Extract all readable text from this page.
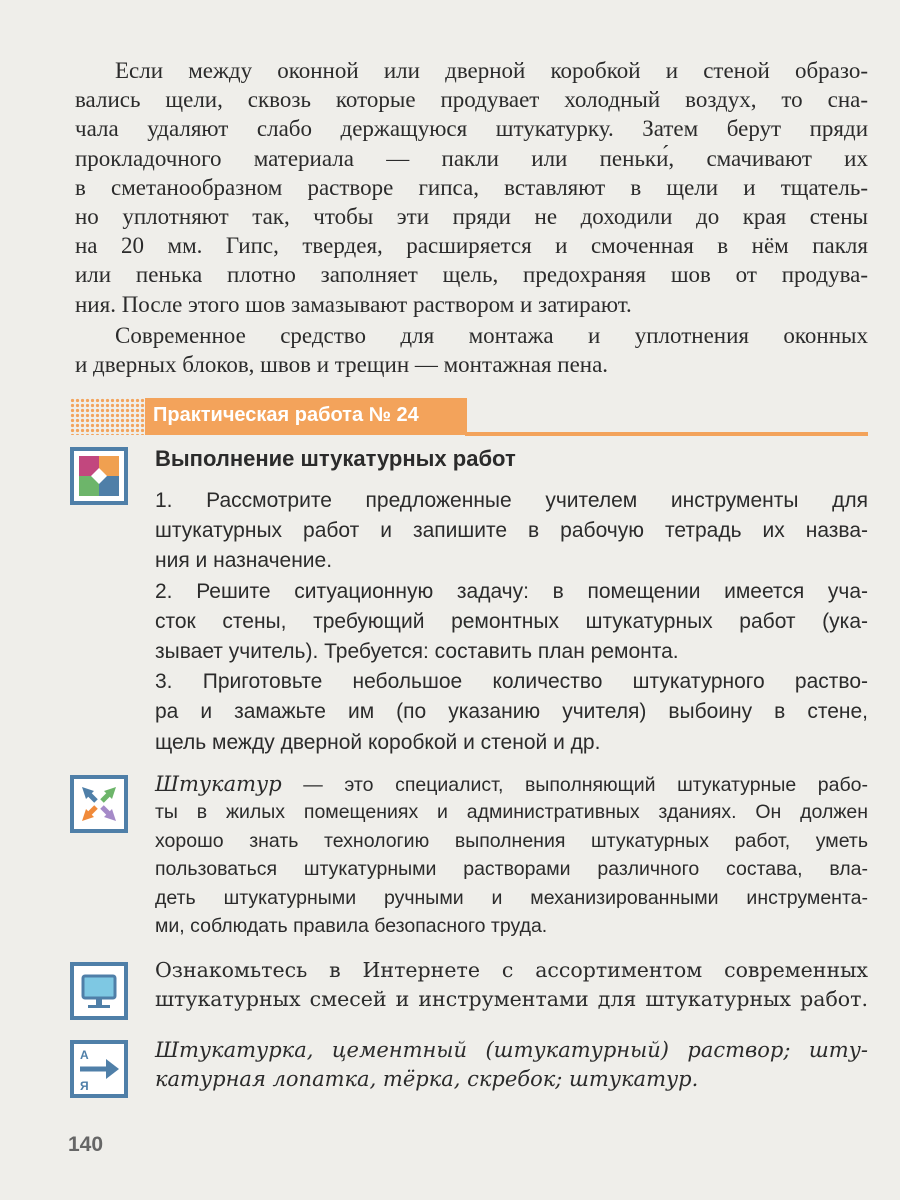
Если между оконной или дверной коробкой и стеной образо-
вались щели, сквозь которые продувает холодный воздух, то сна-
чала удаляют слабо держащуюся штукатурку. Затем берут пряди
прокладочного материала — пакли или пеньки́, смачивают их
в сметанообразном растворе гипса, вставляют в щели и тщатель-
но уплотняют так, чтобы эти пряди не доходили до края стены
на 20 мм. Гипс, твердея, расширяется и смоченная в нём пакля
или пенька плотно заполняет щель, предохраняя шов от продува-
ния. После этого шов замазывают раствором и затирают.
Современное средство для монтажа и уплотнения оконных
и дверных блоков, швов и трещин — монтажная пена.
Практическая работа № 24
Выполнение штукатурных работ
1. Рассмотрите предложенные учителем инструменты для
штукатурных работ и запишите в рабочую тетрадь их назва-
ния и назначение.
2. Решите ситуационную задачу: в помещении имеется уча-
сток стены, требующий ремонтных штукатурных работ (ука-
зывает учитель). Требуется: составить план ремонта.
3. Приготовьте небольшое количество штукатурного раство-
ра и замажьте им (по указанию учителя) выбоину в стене,
щель между дверной коробкой и стеной и др.
Штукатур — это специалист, выполняющий штукатурные рабо-
ты в жилых помещениях и административных зданиях. Он должен
хорошо знать технологию выполнения штукатурных работ, уметь
пользоваться штукатурными растворами различного состава, вла-
деть штукатурными ручными и механизированными инструмента-
ми, соблюдать правила безопасного труда.
Ознакомьтесь в Интернете с ассортиментом современных
штукатурных смесей и инструментами для штукатурных работ.
А
Я
Штукатурка, цементный (штукатурный) раствор; шту-
катурная лопатка, тёрка, скребок; штукатур.
140
